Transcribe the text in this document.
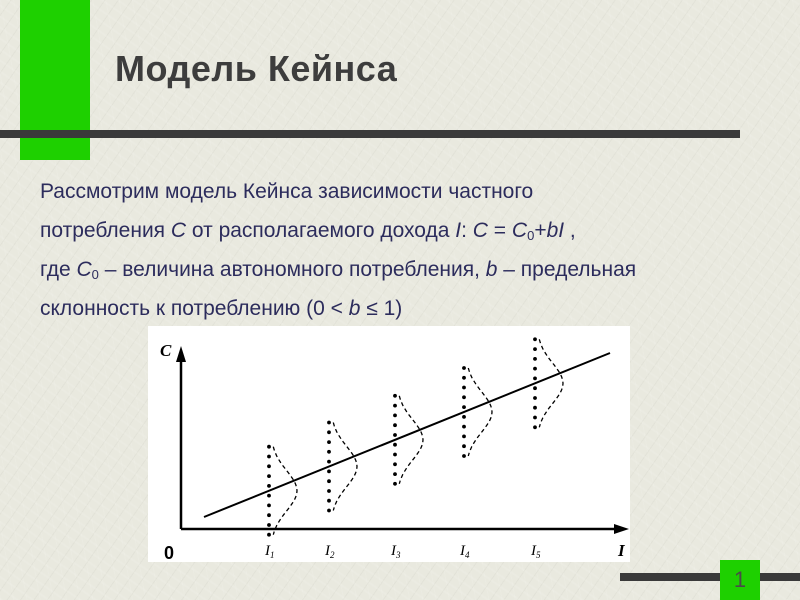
Модель Кейнса
Рассмотрим модель Кейнса зависимости частного
потребления C от располагаемого дохода I: $C = C_0+bI$ ,
где $C_0$ – величина автономного потребления, b – предельная
склонность к потреблению (0 < b ≤ 1)
C
I
0	$I_1$	$I_2$	$I_3$	$I_4$	$I_5$
1
